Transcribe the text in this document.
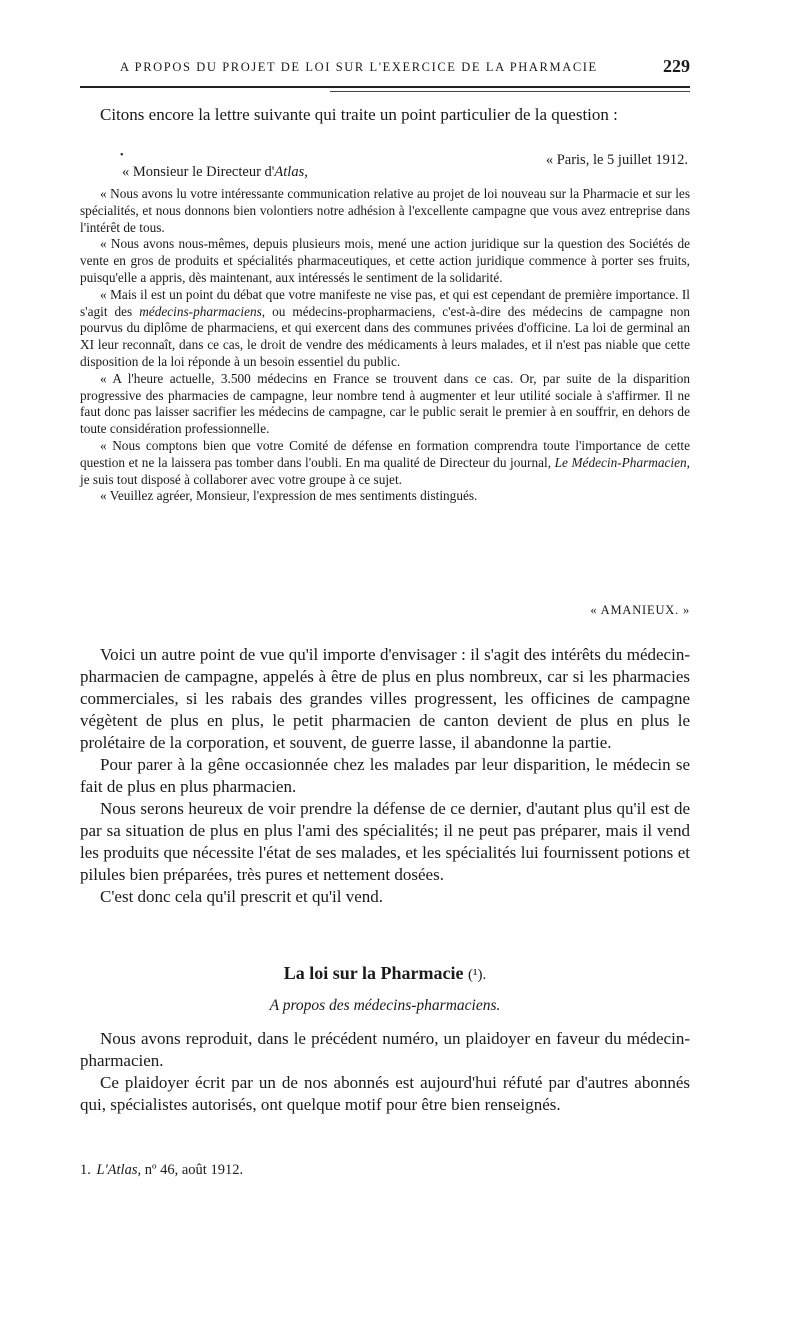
A PROPOS DU PROJET DE LOI SUR L'EXERCICE DE LA PHARMACIE	229

Citons encore la lettre suivante qui traite un point particulier de la question :

•
« Monsieur le Directeur d'Atlas,
« Paris, le 5 juillet 1912.

« Nous avons lu votre intéressante communication relative au projet de loi nouveau sur la Pharmacie et sur les spécialités, et nous donnons bien volontiers notre adhésion à l'excellente campagne que vous avez entreprise dans l'intérêt de tous.

« Nous avons nous-mêmes, depuis plusieurs mois, mené une action juridique sur la question des Sociétés de vente en gros de produits et spécialités pharmaceutiques, et cette action juridique commence à porter ses fruits, puisqu'elle a appris, dès maintenant, aux intéressés le sentiment de la solidarité.

« Mais il est un point du débat que votre manifeste ne vise pas, et qui est cependant de première importance. Il s'agit des médecins-pharmaciens, ou médecins-propharmaciens, c'est-à-dire des médecins de campagne non pourvus du diplôme de pharmaciens, et qui exercent dans des communes privées d'officine. La loi de germinal an XI leur reconnaît, dans ce cas, le droit de vendre des médicaments à leurs malades, et il n'est pas niable que cette disposition de la loi réponde à un besoin essentiel du public.

« A l'heure actuelle, 3.500 médecins en France se trouvent dans ce cas. Or, par suite de la disparition progressive des pharmacies de campagne, leur nombre tend à augmenter et leur utilité sociale à s'affirmer. Il ne faut donc pas laisser sacrifier les médecins de campagne, car le public serait le premier à en souffrir, en dehors de toute considération professionnelle.

« Nous comptons bien que votre Comité de défense en formation comprendra toute l'importance de cette question et ne la laissera pas tomber dans l'oubli. En ma qualité de Directeur du journal, Le Médecin-Pharmacien, je suis tout disposé à collaborer avec votre groupe à ce sujet.

« Veuillez agréer, Monsieur, l'expression de mes sentiments distingués.

« AMANIEUX. »

Voici un autre point de vue qu'il importe d'envisager : il s'agit des intérêts du médecin-pharmacien de campagne, appelés à être de plus en plus nombreux, car si les pharmacies commerciales, si les rabais des grandes villes progressent, les officines de campagne végètent de plus en plus, le petit pharmacien de canton devient de plus en plus le prolétaire de la corporation, et souvent, de guerre lasse, il abandonne la partie.

Pour parer à la gêne occasionnée chez les malades par leur disparition, le médecin se fait de plus en plus pharmacien.

Nous serons heureux de voir prendre la défense de ce dernier, d'autant plus qu'il est de par sa situation de plus en plus l'ami des spécialités; il ne peut pas préparer, mais il vend les produits que nécessite l'état de ses malades, et les spécialités lui fournissent potions et pilules bien préparées, très pures et nettement dosées.

C'est donc cela qu'il prescrit et qu'il vend.

La loi sur la Pharmacie (¹).
A propos des médecins-pharmaciens.

Nous avons reproduit, dans le précédent numéro, un plaidoyer en faveur du médecin-pharmacien.

Ce plaidoyer écrit par un de nos abonnés est aujourd'hui réfuté par d'autres abonnés qui, spécialistes autorisés, ont quelque motif pour être bien renseignés.

1. L'Atlas, nº 46, août 1912.
